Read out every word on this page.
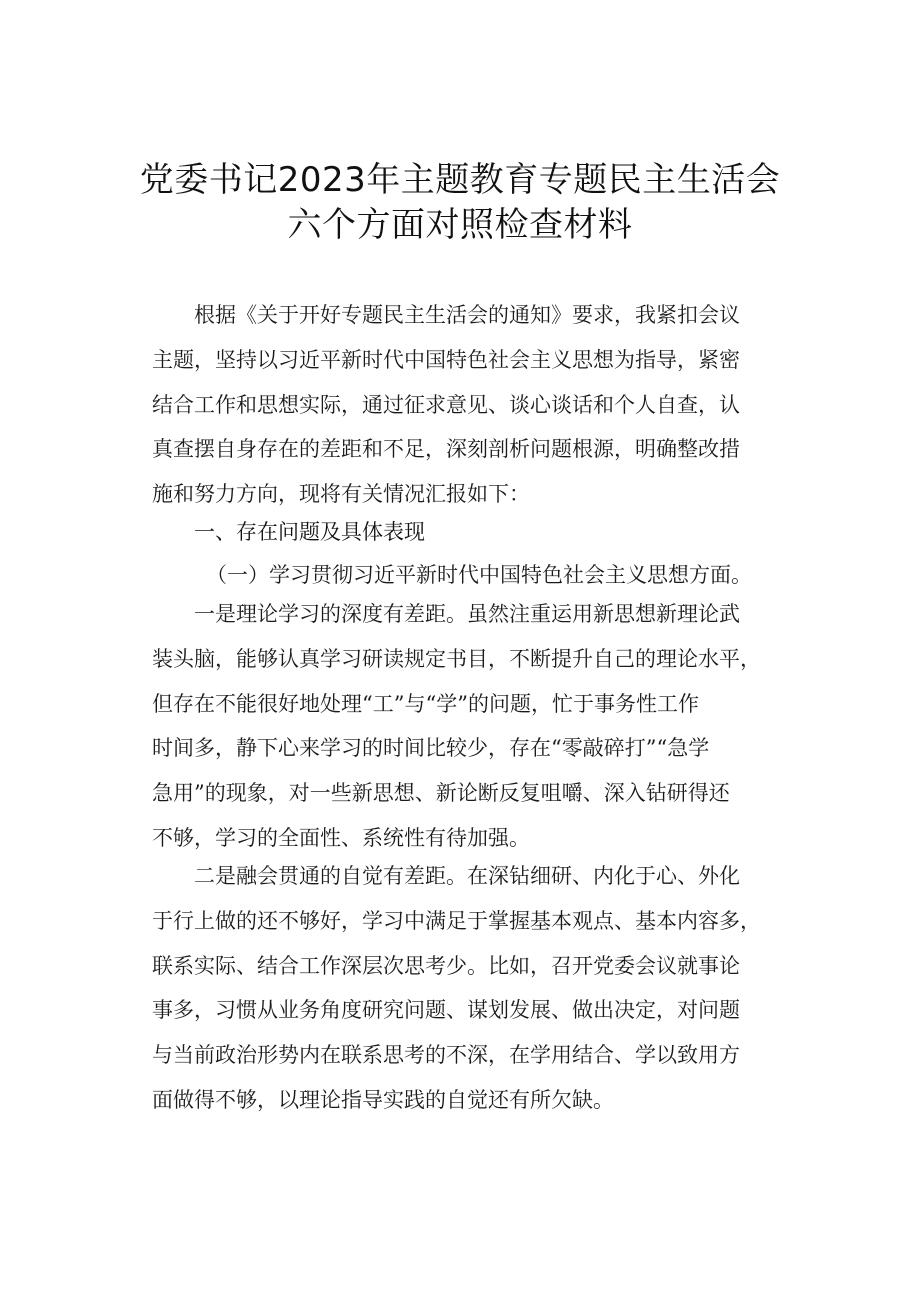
党委书记2023年主题教育专题民主生活会
六个方面对照检查材料
根据《关于开好专题民主生活会的通知》要求，我紧扣会议
主题，坚持以习近平新时代中国特色社会主义思想为指导，紧密
结合工作和思想实际，通过征求意见、谈心谈话和个人自查，认
真查摆自身存在的差距和不足，深刻剖析问题根源，明确整改措
施和努力方向，现将有关情况汇报如下：
一、存在问题及具体表现
（一）学习贯彻习近平新时代中国特色社会主义思想方面。
一是理论学习的深度有差距。虽然注重运用新思想新理论武
装头脑，能够认真学习研读规定书目，不断提升自己的理论水平，
但存在不能很好地处理“工”与“学”的问题，忙于事务性工作
时间多，静下心来学习的时间比较少，存在“零敲碎打”“急学
急用”的现象，对一些新思想、新论断反复咀嚼、深入钻研得还
不够，学习的全面性、系统性有待加强。
二是融会贯通的自觉有差距。在深钻细研、内化于心、外化
于行上做的还不够好，学习中满足于掌握基本观点、基本内容多，
联系实际、结合工作深层次思考少。比如，召开党委会议就事论
事多，习惯从业务角度研究问题、谋划发展、做出决定，对问题
与当前政治形势内在联系思考的不深，在学用结合、学以致用方
面做得不够，以理论指导实践的自觉还有所欠缺。
